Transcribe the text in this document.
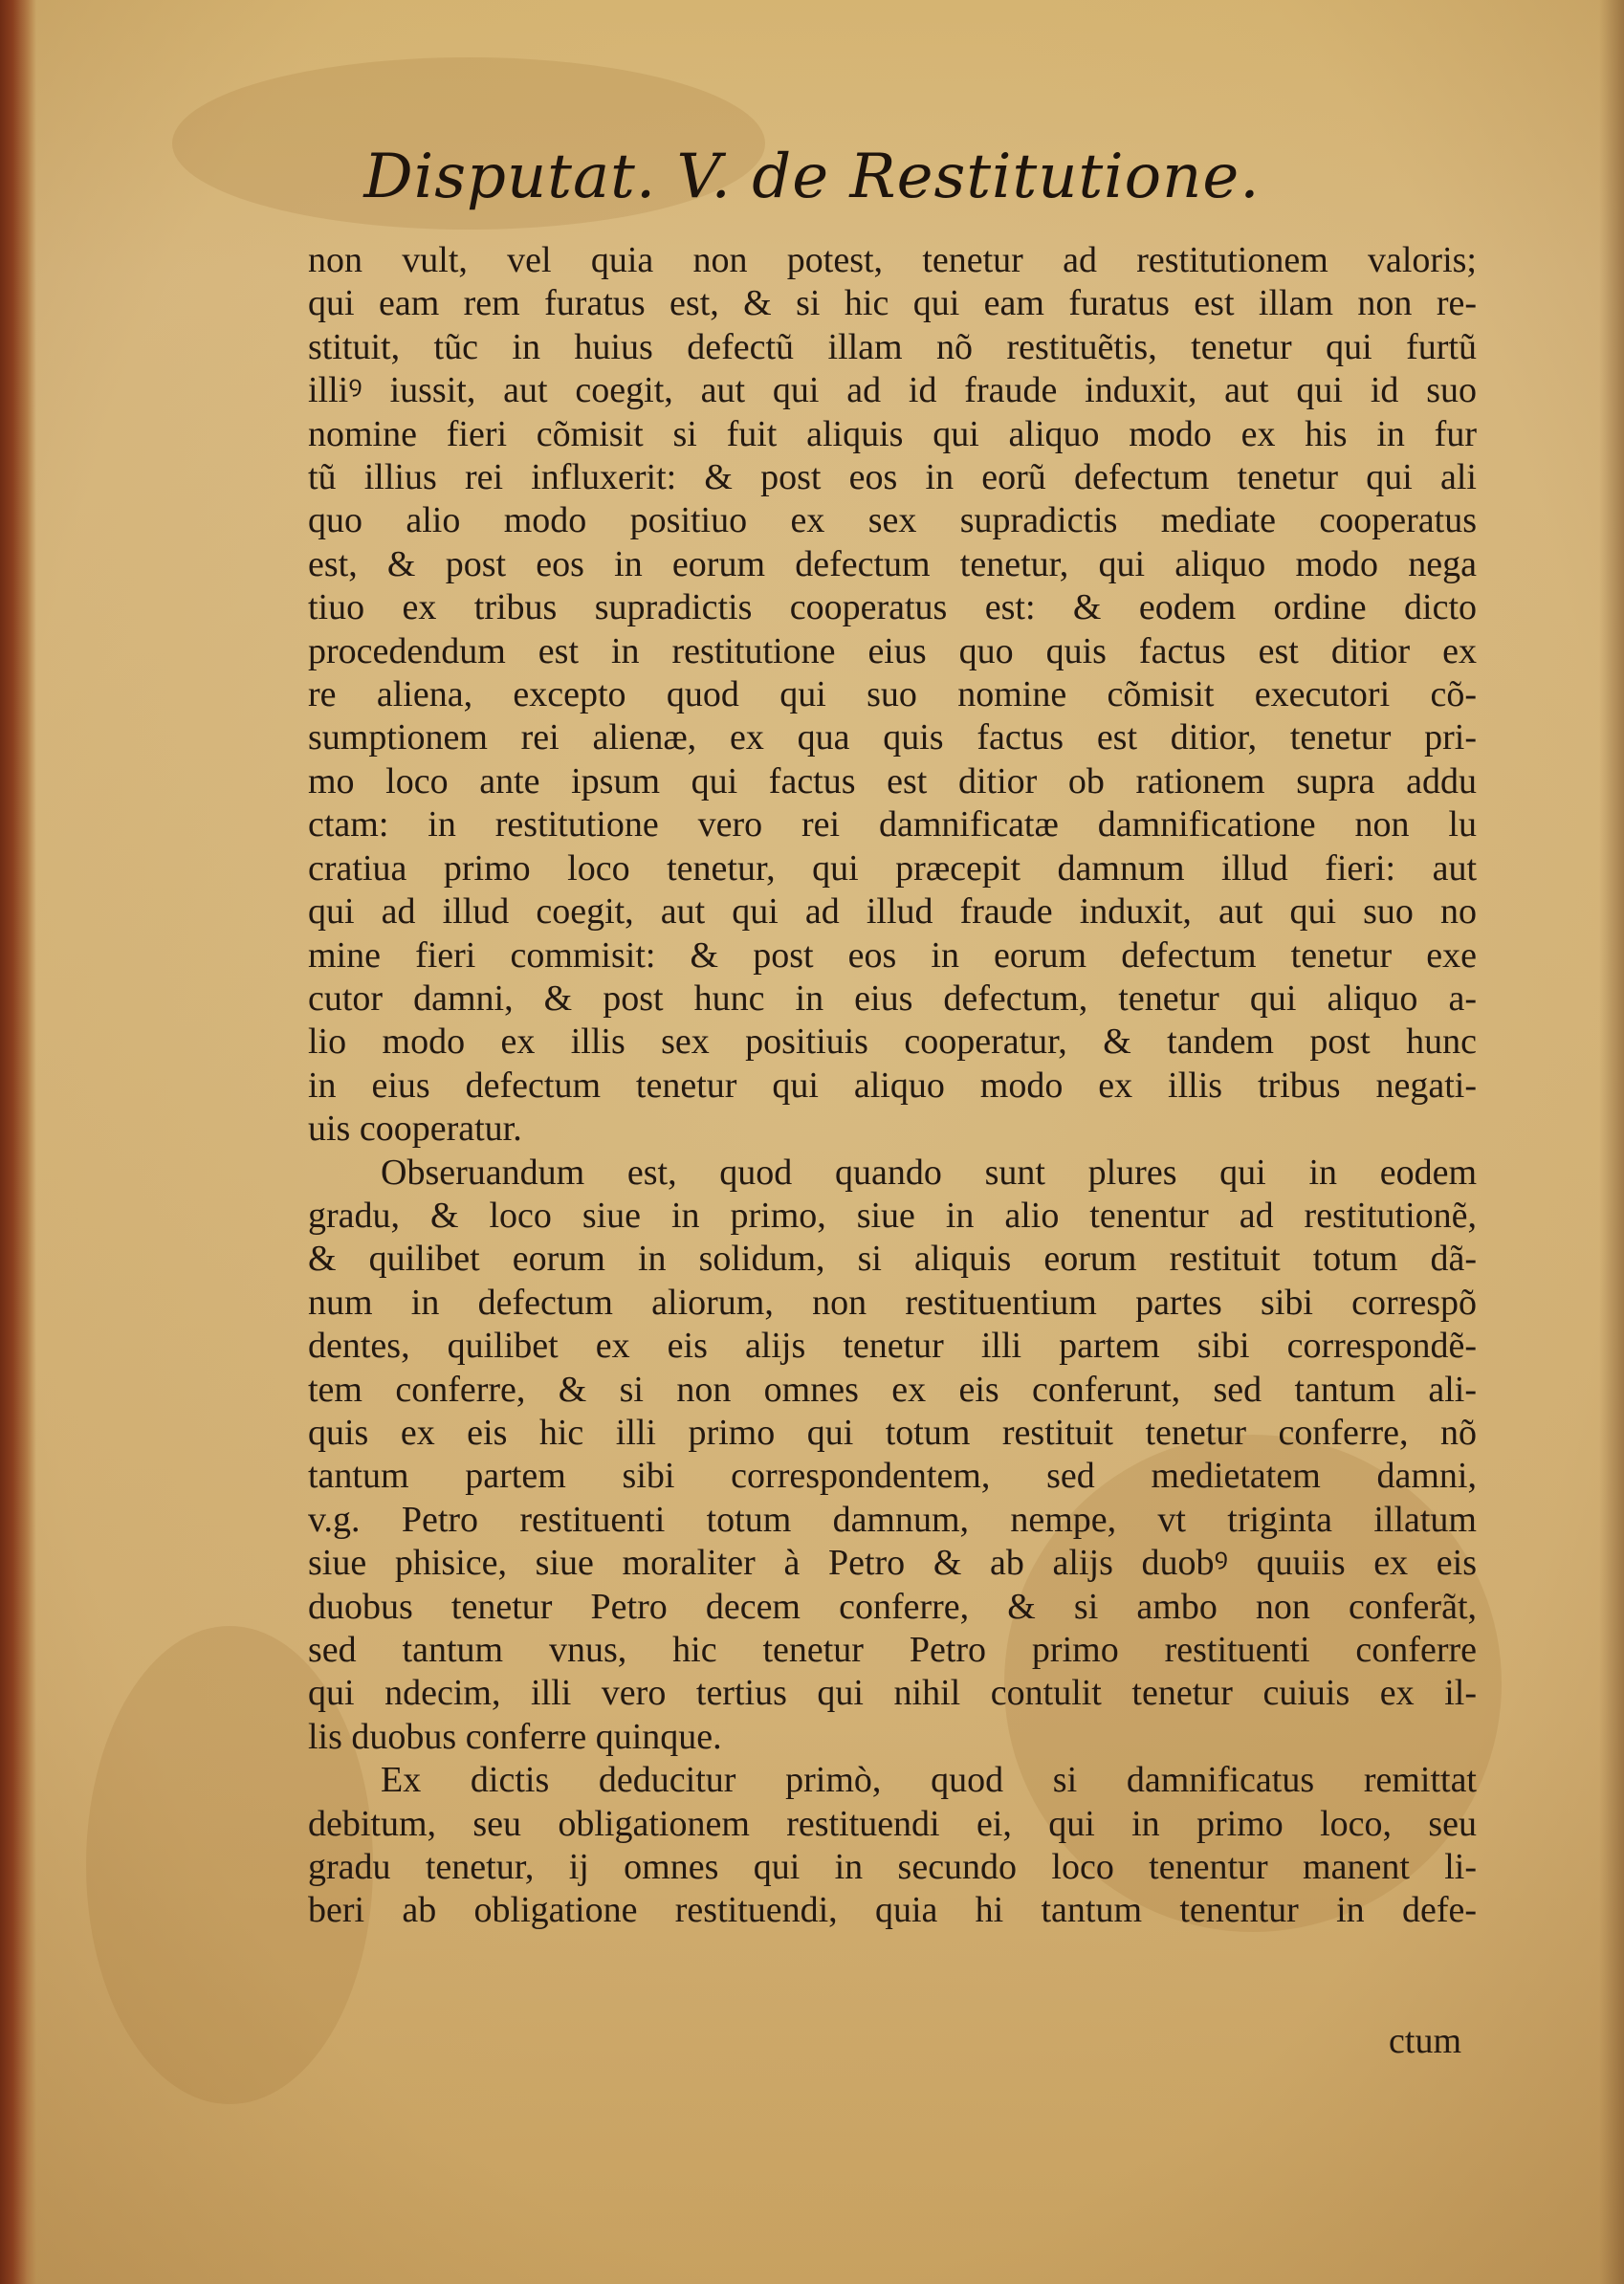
Disputat. V. de Restitutione.
non vult, vel quia non potest, tenetur ad restitutionem valoris;
qui eam rem furatus est, & si hic qui eam furatus est illam non re-
stituit, tũc in huius defectũ illam nõ restituẽtis, tenetur qui furtũ
illiꝰ iussit, aut coegit, aut qui ad id fraude induxit, aut qui id suo
nomine fieri cõmisit si fuit aliquis qui aliquo modo ex his in fur
tũ illius rei influxerit: & post eos in eorũ defectum tenetur qui ali
quo alio modo positiuo ex sex supradictis mediate cooperatus
est, & post eos in eorum defectum tenetur, qui aliquo modo nega
tiuo ex tribus supradictis cooperatus est: & eodem ordine dicto
procedendum est in restitutione eius quo quis factus est ditior ex
re aliena, excepto quod qui suo nomine cõmisit executori cõ-
sumptionem rei alienæ, ex qua quis factus est ditior, tenetur pri-
mo loco ante ipsum qui factus est ditior ob rationem supra addu
ctam: in restitutione vero rei damnificatæ damnificatione non lu
cratiua primo loco tenetur, qui præcepit damnum illud fieri: aut
qui ad illud coegit, aut qui ad illud fraude induxit, aut qui suo no
mine fieri commisit: & post eos in eorum defectum tenetur exe
cutor damni, & post hunc in eius defectum, tenetur qui aliquo a-
lio modo ex illis sex positiuis cooperatur, & tandem post hunc
in eius defectum tenetur qui aliquo modo ex illis tribus negati-
uis cooperatur.
Obseruandum est, quod quando sunt plures qui in eodem
gradu, & loco siue in primo, siue in alio tenentur ad restitutionẽ,
& quilibet eorum in solidum, si aliquis eorum restituit totum dã-
num in defectum aliorum, non restituentium partes sibi correspõ
dentes, quilibet ex eis alijs tenetur illi partem sibi correspondẽ-
tem conferre, & si non omnes ex eis conferunt, sed tantum ali-
quis ex eis hic illi primo qui totum restituit tenetur conferre, nõ
tantum partem sibi correspondentem, sed medietatem damni,
v.g. Petro restituenti totum damnum, nempe, vt triginta illatum
siue phisice, siue moraliter à Petro & ab alijs duobꝰ quuiis ex eis
duobus tenetur Petro decem conferre, & si ambo non conferãt,
sed tantum vnus, hic tenetur Petro primo restituenti conferre
qui ndecim, illi vero tertius qui nihil contulit tenetur cuiuis ex il-
lis duobus conferre quinque.
Ex dictis deducitur primò, quod si damnificatus remittat
debitum, seu obligationem restituendi ei, qui in primo loco, seu
gradu tenetur, ij omnes qui in secundo loco tenentur manent li-
beri ab obligatione restituendi, quia hi tantum tenentur in defe-
ctum
